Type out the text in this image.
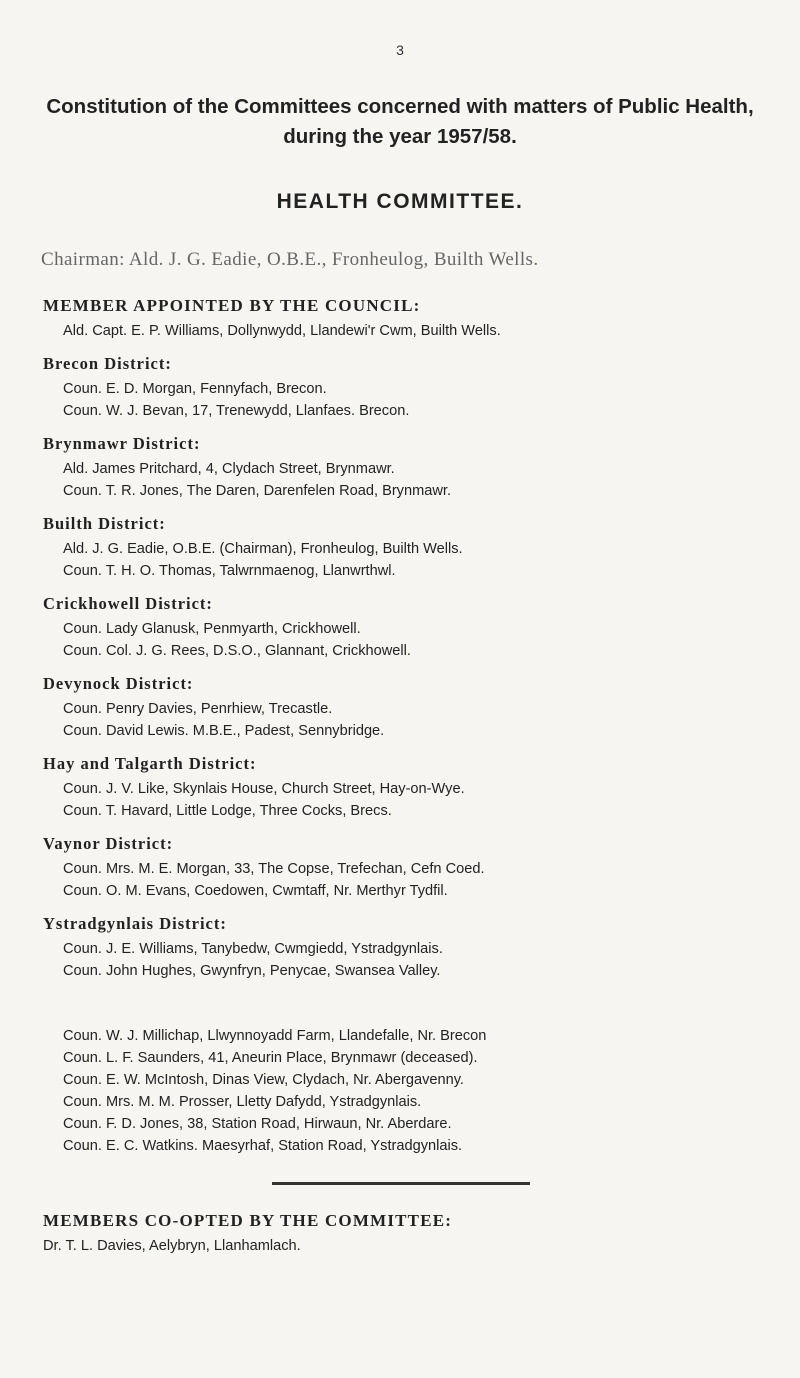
3
Constitution of the Committees concerned with matters of Public Health, during the year 1957/58.
HEALTH COMMITTEE.

Chairman: Ald. J. G. Eadie, O.B.E., Fronheulog, Builth Wells.

MEMBER APPOINTED BY THE COUNCIL:
Ald. Capt. E. P. Williams, Dollynwydd, Llandewi'r Cwm, Builth Wells.
Brecon District:
Coun. E. D. Morgan, Fennyfach, Brecon.
Coun. W. J. Bevan, 17, Trenewydd, Llanfaes. Brecon.
Brynmawr District:
Ald. James Pritchard, 4, Clydach Street, Brynmawr.
Coun. T. R. Jones, The Daren, Darenfelen Road, Brynmawr.
Builth District:
Ald. J. G. Eadie, O.B.E. (Chairman), Fronheulog, Builth Wells.
Coun. T. H. O. Thomas, Talwrnmaenog, Llanwrthwl.
Crickhowell District:
Coun. Lady Glanusk, Penmyarth, Crickhowell.
Coun. Col. J. G. Rees, D.S.O., Glannant, Crickhowell.
Devynock District:
Coun. Penry Davies, Penrhiew, Trecastle.
Coun. David Lewis. M.B.E., Padest, Sennybridge.
Hay and Talgarth District:
Coun. J. V. Like, Skynlais House, Church Street, Hay-on-Wye.
Coun. T. Havard, Little Lodge, Three Cocks, Brecs.
Vaynor District:
Coun. Mrs. M. E. Morgan, 33, The Copse, Trefechan, Cefn Coed.
Coun. O. M. Evans, Coedowen, Cwmtaff, Nr. Merthyr Tydfil.
Ystradgynlais District:
Coun. J. E. Williams, Tanybedw, Cwmgiedd, Ystradgynlais.
Coun. John Hughes, Gwynfryn, Penycae, Swansea Valley.
Coun. W. J. Millichap, Llwynnoyadd Farm, Llandefalle, Nr. Brecon
Coun. L. F. Saunders, 41, Aneurin Place, Brynmawr (deceased).
Coun. E. W. McIntosh, Dinas View, Clydach, Nr. Abergavenny.
Coun. Mrs. M. M. Prosser, Lletty Dafydd, Ystradgynlais.
Coun. F. D. Jones, 38, Station Road, Hirwaun, Nr. Aberdare.
Coun. E. C. Watkins. Maesyrhaf, Station Road, Ystradgynlais.
MEMBERS CO-OPTED BY THE COMMITTEE:
Dr. T. L. Davies, Aelybryn, Llanhamlach.
